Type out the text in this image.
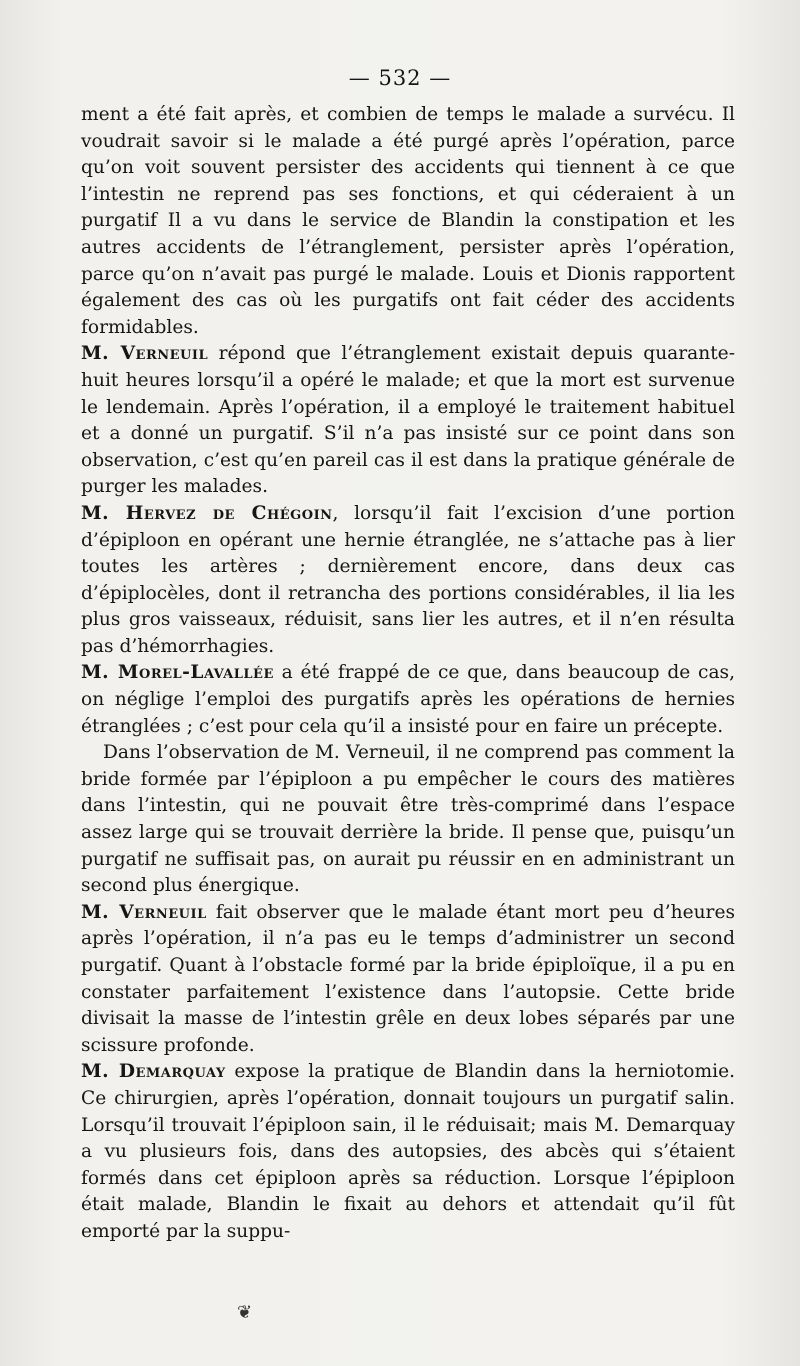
— 532 —

ment a été fait après, et combien de temps le malade a survécu. Il voudrait savoir si le malade a été purgé après l’opération, parce qu’on voit souvent persister des accidents qui tiennent à ce que l’intestin ne reprend pas ses fonctions, et qui céderaient à un purgatif Il a vu dans le service de Blandin la constipation et les autres accidents de l’étranglement, persister après l’opération, parce qu’on n’avait pas purgé le malade. Louis et Dionis rapportent également des cas où les purgatifs ont fait céder des accidents formidables.

M. Verneuil répond que l’étranglement existait depuis quarante-huit heures lorsqu’il a opéré le malade; et que la mort est survenue le lendemain. Après l’opération, il a employé le traitement habituel et a donné un purgatif. S’il n’a pas insisté sur ce point dans son observation, c’est qu’en pareil cas il est dans la pratique générale de purger les malades.

M. Hervez de Chégoin, lorsqu’il fait l’excision d’une portion d’épiploon en opérant une hernie étranglée, ne s’attache pas à lier toutes les artères ; dernièrement encore, dans deux cas d’épiplocèles, dont il retrancha des portions considérables, il lia les plus gros vaisseaux, réduisit, sans lier les autres, et il n’en résulta pas d’hémorrhagies.

M. Morel-Lavallée a été frappé de ce que, dans beaucoup de cas, on néglige l’emploi des purgatifs après les opérations de hernies étranglées ; c’est pour cela qu’il a insisté pour en faire un précepte.

Dans l’observation de M. Verneuil, il ne comprend pas comment la bride formée par l’épiploon a pu empêcher le cours des matières dans l’intestin, qui ne pouvait être très-comprimé dans l’espace assez large qui se trouvait derrière la bride. Il pense que, puisqu’un purgatif ne suffisait pas, on aurait pu réussir en en administrant un second plus énergique.

M. Verneuil fait observer que le malade étant mort peu d’heures après l’opération, il n’a pas eu le temps d’administrer un second purgatif. Quant à l’obstacle formé par la bride épiploïque, il a pu en constater parfaitement l’existence dans l’autopsie. Cette bride divisait la masse de l’intestin grêle en deux lobes séparés par une scissure profonde.

M. Demarquay expose la pratique de Blandin dans la herniotomie. Ce chirurgien, après l’opération, donnait toujours un purgatif salin. Lorsqu’il trouvait l’épiploon sain, il le réduisait; mais M. Demarquay a vu plusieurs fois, dans des autopsies, des abcès qui s’étaient formés dans cet épiploon après sa réduction. Lorsque l’épiploon était malade, Blandin le fixait au dehors et attendait qu’il fût emporté par la suppu-

❦
